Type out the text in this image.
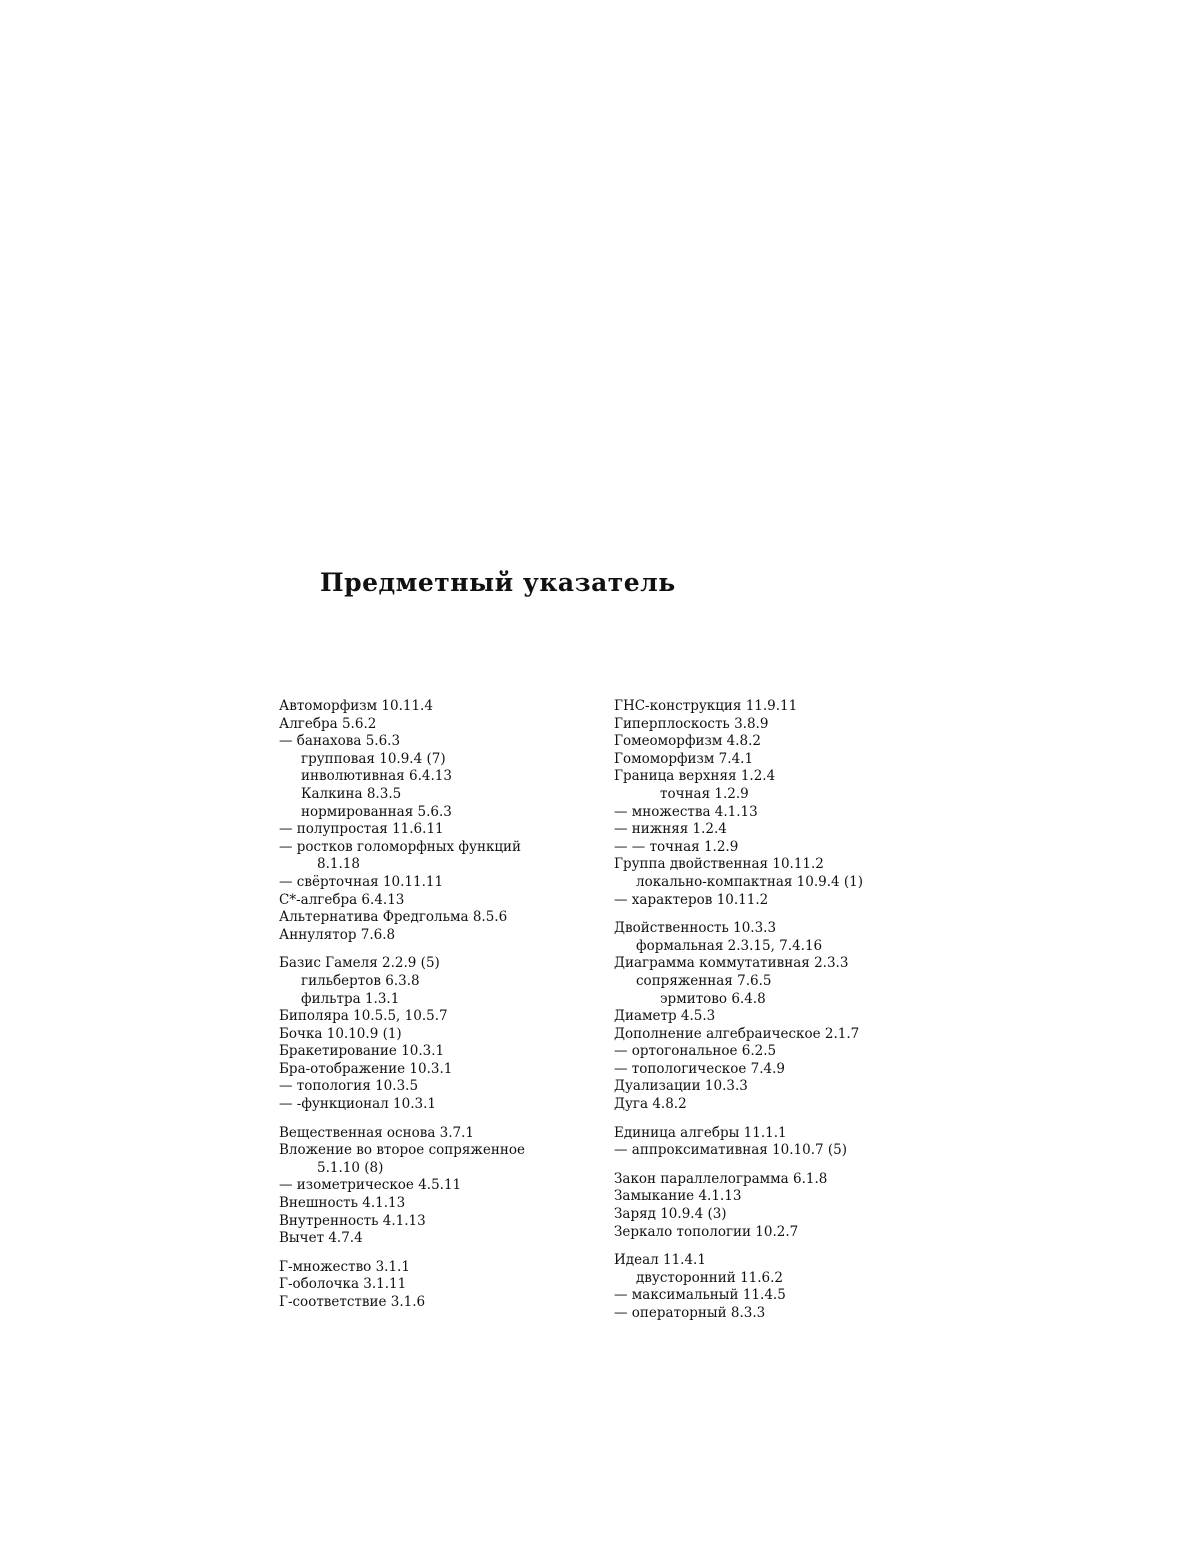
Предметный указатель
Автоморфизм 10.11.4
Алгебра 5.6.2
— банахова 5.6.3
групповая 10.9.4 (7)
инволютивная 6.4.13
Калкина 8.3.5
нормированная 5.6.3
— полупростая 11.6.11
— ростков голоморфных функций
8.1.18
— свёрточная 10.11.11
C*-алгебра 6.4.13
Альтернатива Фредгольма 8.5.6
Аннулятор 7.6.8
Базис Гамеля 2.2.9 (5)
гильбертов 6.3.8
фильтра 1.3.1
Биполяра 10.5.5, 10.5.7
Бочка 10.10.9 (1)
Бракетирование 10.3.1
Бра-отображение 10.3.1
— топология 10.3.5
— -функционал 10.3.1
Вещественная основа 3.7.1
Вложение во второе сопряженное
5.1.10 (8)
— изометрическое 4.5.11
Внешность 4.1.13
Внутренность 4.1.13
Вычет 4.7.4
Г-множество 3.1.1
Г-оболочка 3.1.11
Г-соответствие 3.1.6
ГНС-конструкция 11.9.11
Гиперплоскость 3.8.9
Гомеоморфизм 4.8.2
Гомоморфизм 7.4.1
Граница верхняя 1.2.4
точная 1.2.9
— множества 4.1.13
— нижняя 1.2.4
— — точная 1.2.9
Группа двойственная 10.11.2
локально-компактная 10.9.4 (1)
— характеров 10.11.2
Двойственность 10.3.3
формальная 2.3.15, 7.4.16
Диаграмма коммутативная 2.3.3
сопряженная 7.6.5
эрмитово 6.4.8
Диаметр 4.5.3
Дополнение алгебраическое 2.1.7
— ортогональное 6.2.5
— топологическое 7.4.9
Дуализации 10.3.3
Дуга 4.8.2
Единица алгебры 11.1.1
— аппроксимативная 10.10.7 (5)
Закон параллелограмма 6.1.8
Замыкание 4.1.13
Заряд 10.9.4 (3)
Зеркало топологии 10.2.7
Идеал 11.4.1
двусторонний 11.6.2
— максимальный 11.4.5
— операторный 8.3.3
